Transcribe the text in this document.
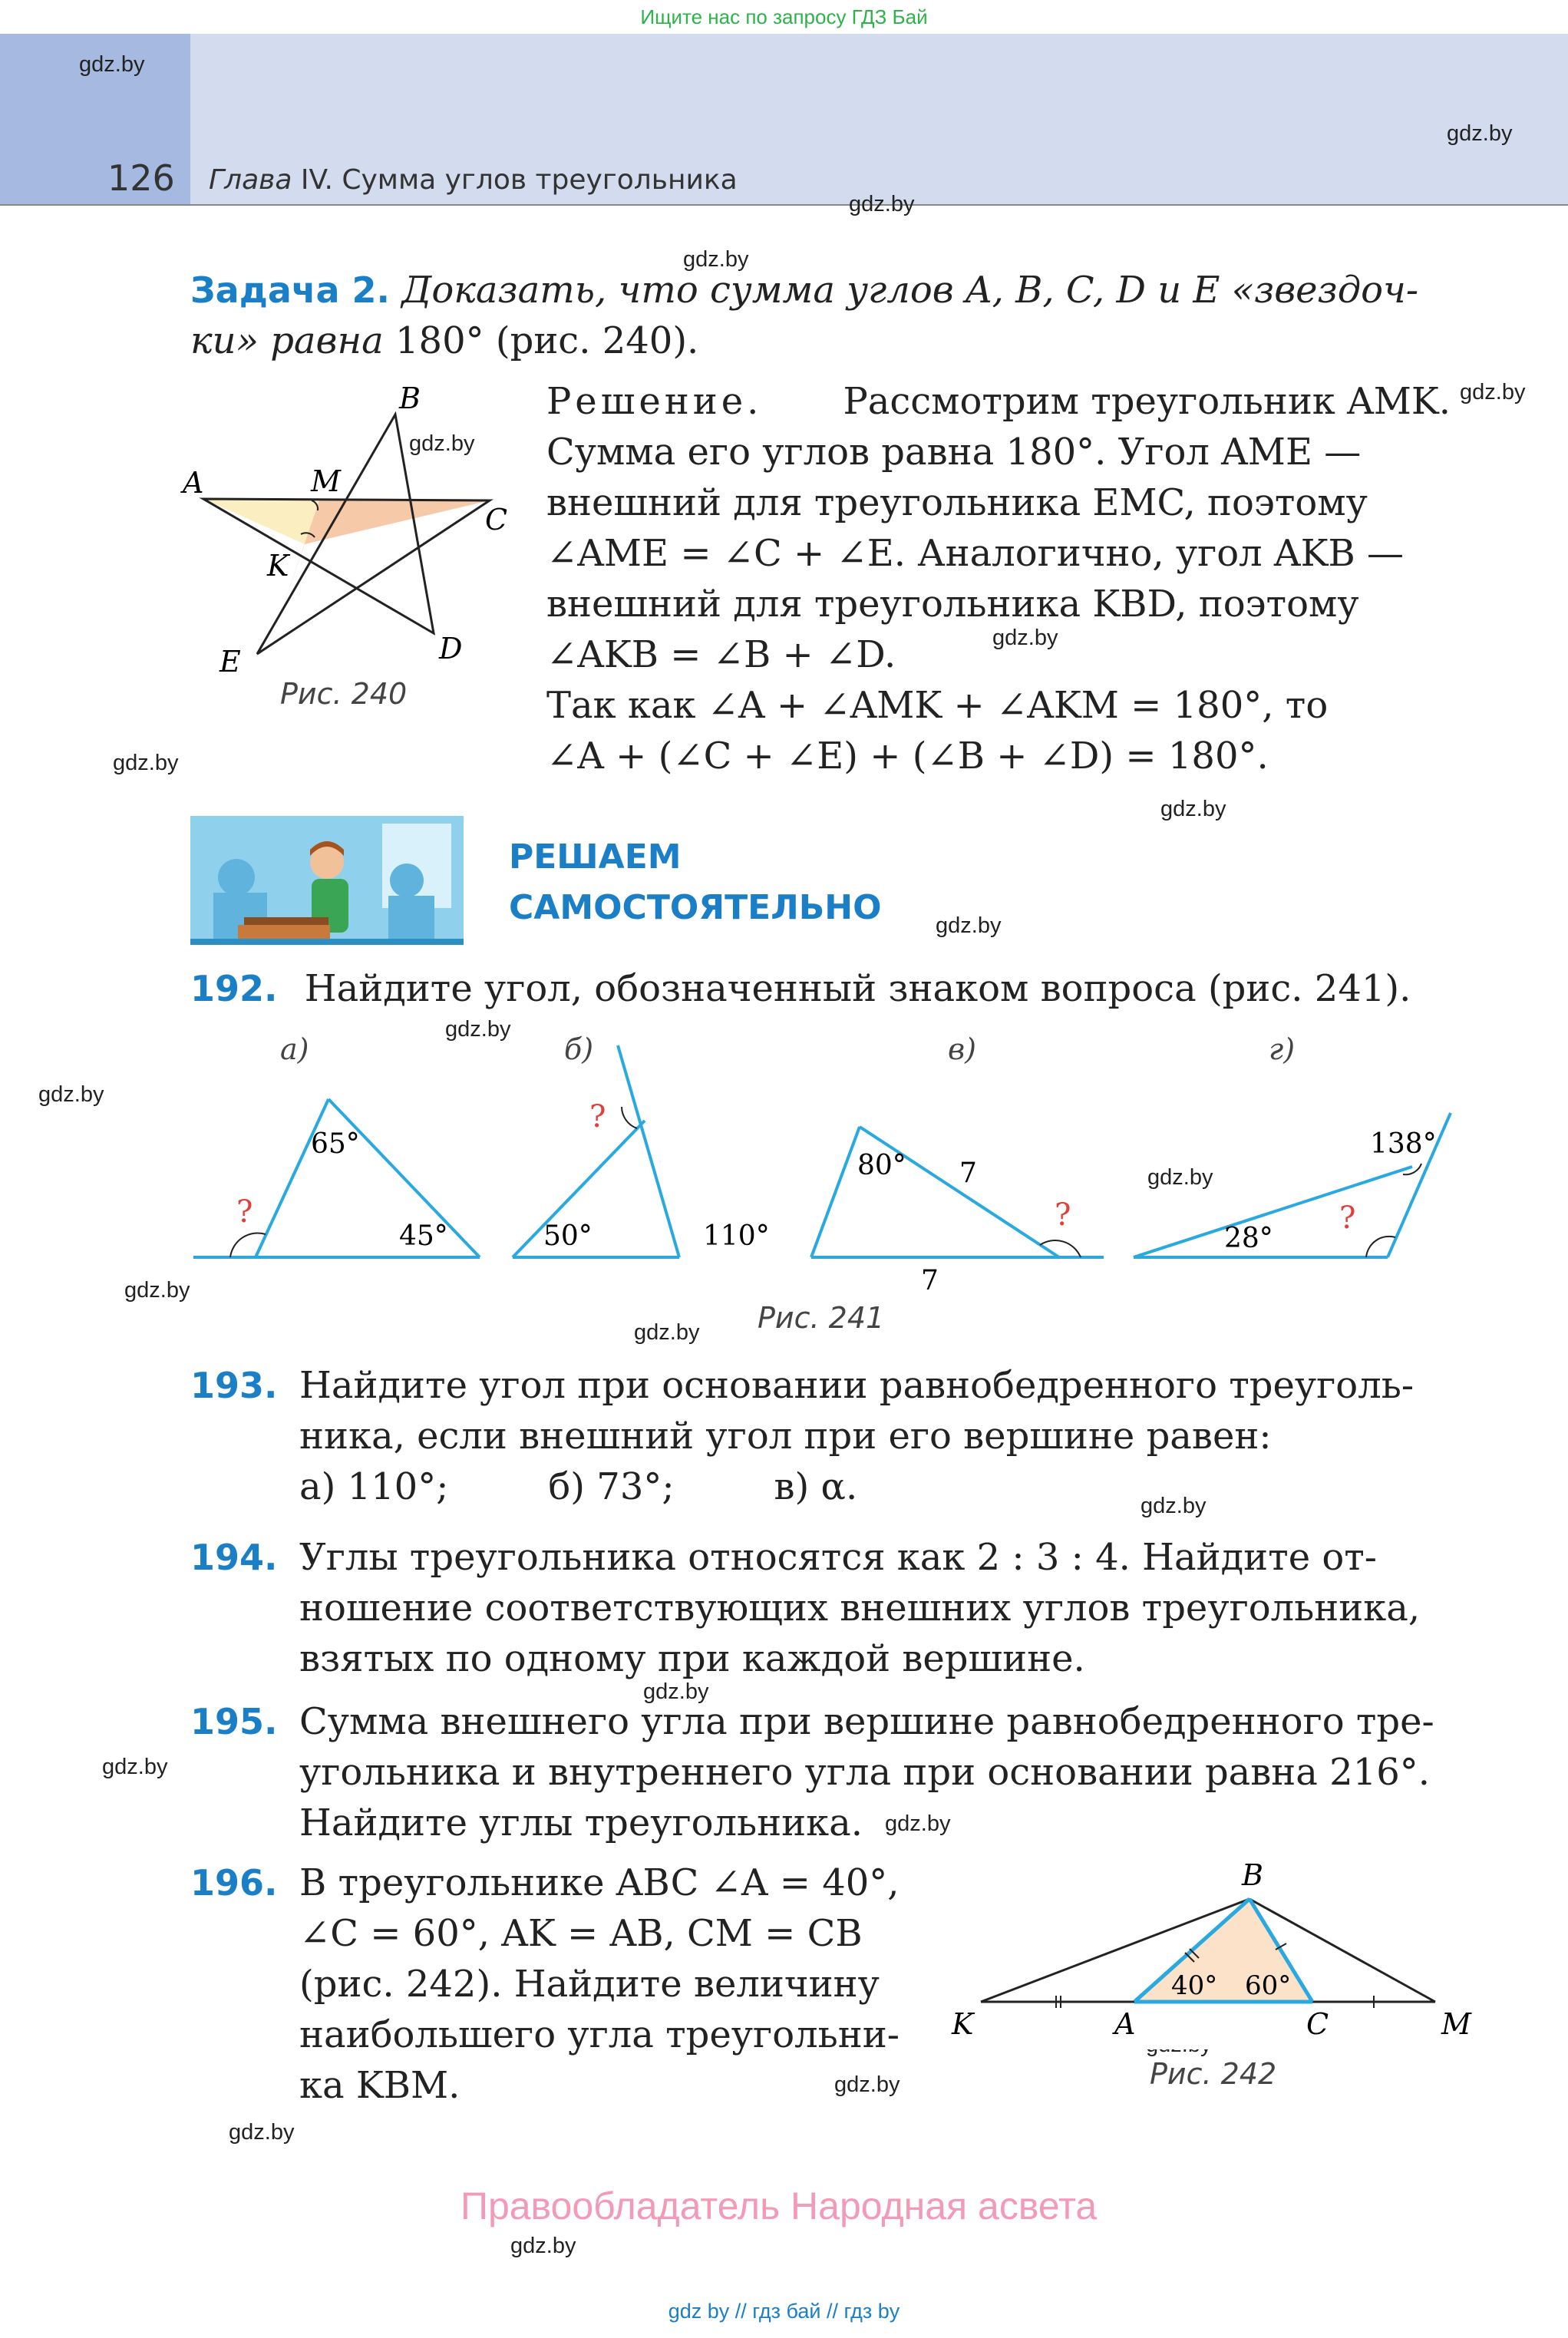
Ищите нас по запросу ГДЗ Бай
126 Глава IV. Сумма углов треугольника
gdz.by
gdz.by
gdz.by
gdz.by
gdz.by
gdz.by
gdz.by
gdz.by
gdz.by
gdz.by
gdz.by
gdz.by
gdz.by
gdz.by
gdz.by
gdz.by
gdz.by
gdz.by
gdz.by
gdz.by
gdz.by
gdz.by
Задача 2. Доказать, что сумма углов A, B, C, D и E «звездоч-
ки» равна 180° (рис. 240).
A
B
C
D
E
M
K
Рис. 240
Решение. Рассмотрим треугольник AMK.
Сумма его углов равна 180°. Угол AME —
внешний для треугольника EMC, поэтому
∠AME = ∠C + ∠E. Аналогично, угол AKB —
внешний для треугольника KBD, поэтому
∠AKB = ∠B + ∠D.
Так как ∠A + ∠AMK + ∠AKM = 180°, то
∠A + (∠C + ∠E) + (∠B + ∠D) = 180°.
РЕШАЕМ
САМОСТОЯТЕЛЬНО
192. Найдите угол, обозначенный знаком вопроса (рис. 241).
а)
65°
45°
?
б)
50°	110°
?
в)
80° 7
7
?
г)
28°
138°
?
Рис. 241
193. Найдите угол при основании равнобедренного треуголь-
ника, если внешний угол при его вершине равен:
а) 110°;	б) 73°;	в) α.
194. Углы треугольника относятся как 2 : 3 : 4. Найдите от-
ношение соответствующих внешних углов треугольника,
взятых по одному при каждой вершине.
195. Сумма внешнего угла при вершине равнобедренного тре-
угольника и внутреннего угла при основании равна 216°.
Найдите углы треугольника.
196. В треугольнике ABC ∠A = 40°,
∠C = 60°, AK = AB, CM = CB
(рис. 242). Найдите величину
наибольшего угла треугольни-
ка KBM.
B
K	A	C	M
40° 60°
Рис. 242
Правообладатель Народная асвета
gdz by // гдз бай // гдз by
